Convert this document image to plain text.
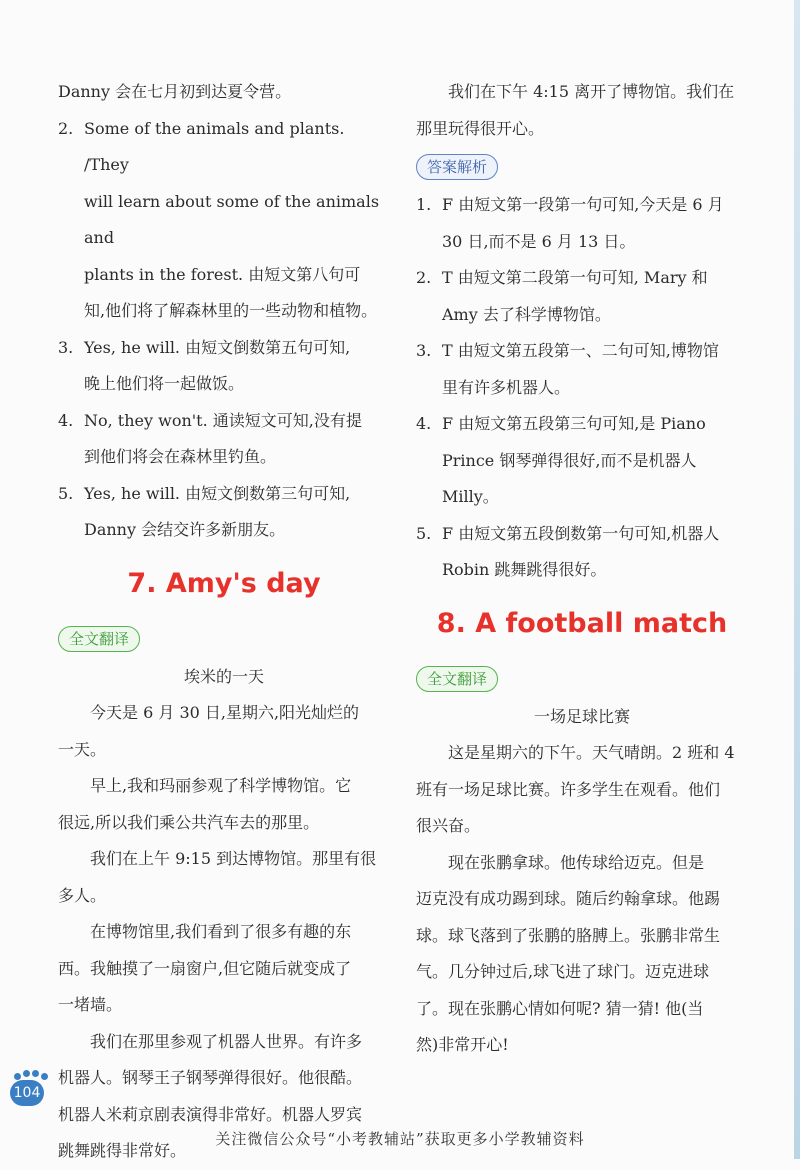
Danny 会在七月初到达夏令营。

2. Some of the animals and plants. /They

will learn about some of the animals and

plants in the forest. 由短文第八句可

知,他们将了解森林里的一些动物和植物。

3. Yes, he will. 由短文倒数第五句可知,

晚上他们将一起做饭。

4. No, they won't. 通读短文可知,没有提

到他们将会在森林里钓鱼。

5. Yes, he will. 由短文倒数第三句可知,

Danny 会结交许多新朋友。

7. Amy's day

全文翻译

埃米的一天

今天是 6 月 30 日,星期六,阳光灿烂的

一天。

早上,我和玛丽参观了科学博物馆。它

很远,所以我们乘公共汽车去的那里。

我们在上午 9:15 到达博物馆。那里有很

多人。

在博物馆里,我们看到了很多有趣的东

西。我触摸了一扇窗户,但它随后就变成了

一堵墙。

我们在那里参观了机器人世界。有许多

机器人。钢琴王子钢琴弹得很好。他很酷。

机器人米莉京剧表演得非常好。机器人罗宾

跳舞跳得非常好。

我们在下午 4:15 离开了博物馆。我们在

那里玩得很开心。

答案解析

1. F 由短文第一段第一句可知,今天是 6 月

30 日,而不是 6 月 13 日。

2. T 由短文第二段第一句可知, Mary 和

Amy 去了科学博物馆。

3. T 由短文第五段第一、二句可知,博物馆

里有许多机器人。

4. F 由短文第五段第三句可知,是 Piano

Prince 钢琴弹得很好,而不是机器人

Milly。

5. F 由短文第五段倒数第一句可知,机器人

Robin 跳舞跳得很好。

8. A football match

全文翻译

一场足球比赛

这是星期六的下午。天气晴朗。2 班和 4

班有一场足球比赛。许多学生在观看。他们

很兴奋。

现在张鹏拿球。他传球给迈克。但是

迈克没有成功踢到球。随后约翰拿球。他踢

球。球飞落到了张鹏的胳膊上。张鹏非常生

气。几分钟过后,球飞进了球门。迈克进球

了。现在张鹏心情如何呢? 猜一猜! 他(当

然)非常开心!

104
关注微信公众号“小考教辅站”获取更多小学教辅资料
